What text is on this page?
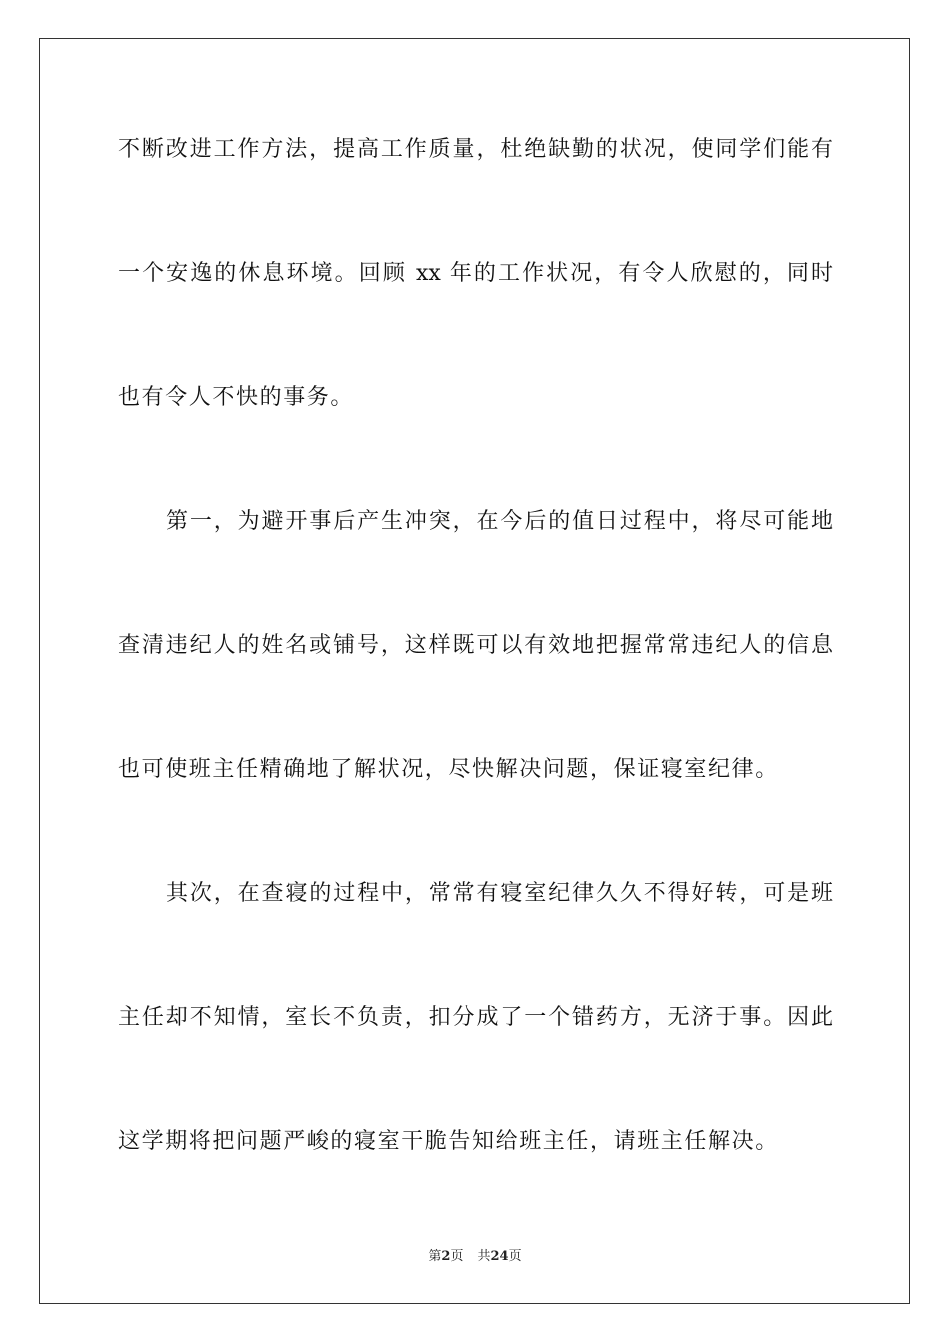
不断改进工作方法，提高工作质量，杜绝缺勤的状况，使同学们能有
一个安逸的休息环境。回顾 xx 年的工作状况，有令人欣慰的，同时
也有令人不快的事务。
第一，为避开事后产生冲突，在今后的值日过程中，将尽可能地
查清违纪人的姓名或铺号，这样既可以有效地把握常常违纪人的信息
也可使班主任精确地了解状况，尽快解决问题，保证寝室纪律。
其次，在查寝的过程中，常常有寝室纪律久久不得好转，可是班
主任却不知情，室长不负责，扣分成了一个错药方，无济于事。因此
这学期将把问题严峻的寝室干脆告知给班主任，请班主任解决。
第2页 共24页
